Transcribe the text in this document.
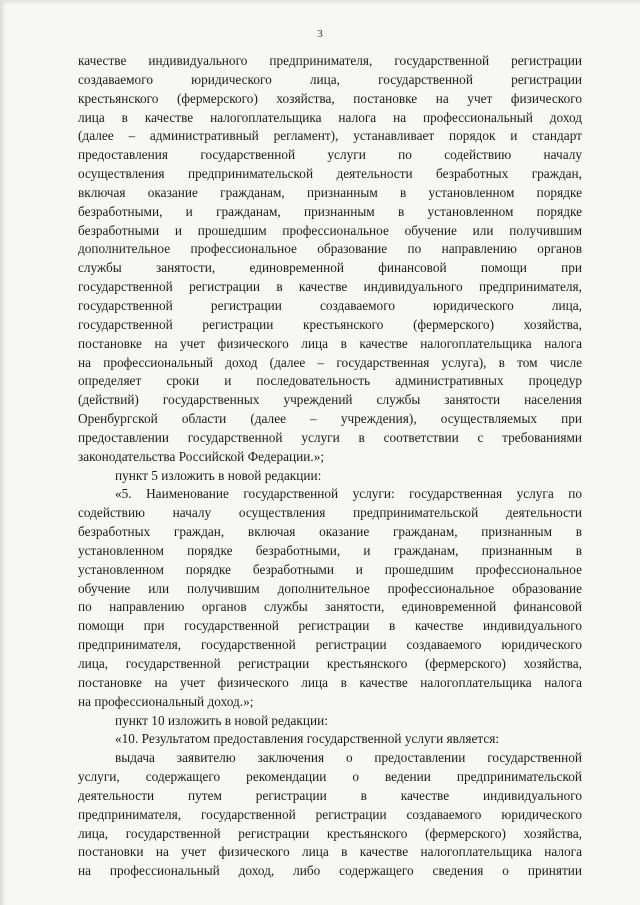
3
качестве индивидуального предпринимателя, государственной регистрации
создаваемого юридического лица, государственной регистрации
крестьянского (фермерского) хозяйства, постановке на учет физического
лица в качестве налогоплательщика налога на профессиональный доход
(далее – административный регламент), устанавливает порядок и стандарт
предоставления государственной услуги по содействию началу
осуществления предпринимательской деятельности безработных граждан,
включая оказание гражданам, признанным в установленном порядке
безработными, и гражданам, признанным в установленном порядке
безработными и прошедшим профессиональное обучение или получившим
дополнительное профессиональное образование по направлению органов
службы занятости, единовременной финансовой помощи при
государственной регистрации в качестве индивидуального предпринимателя,
государственной регистрации создаваемого юридического лица,
государственной регистрации крестьянского (фермерского) хозяйства,
постановке на учет физического лица в качестве налогоплательщика налога
на профессиональный доход (далее – государственная услуга), в том числе
определяет сроки и последовательность административных процедур
(действий) государственных учреждений службы занятости населения
Оренбургской области (далее – учреждения), осуществляемых при
предоставлении государственной услуги в соответствии с требованиями
законодательства Российской Федерации.»;
пункт 5 изложить в новой редакции:
«5. Наименование государственной услуги: государственная услуга по
содействию началу осуществления предпринимательской деятельности
безработных граждан, включая оказание гражданам, признанным в
установленном порядке безработными, и гражданам, признанным в
установленном порядке безработными и прошедшим профессиональное
обучение или получившим дополнительное профессиональное образование
по направлению органов службы занятости, единовременной финансовой
помощи при государственной регистрации в качестве индивидуального
предпринимателя, государственной регистрации создаваемого юридического
лица, государственной регистрации крестьянского (фермерского) хозяйства,
постановке на учет физического лица в качестве налогоплательщика налога
на профессиональный доход.»;
пункт 10 изложить в новой редакции:
«10. Результатом предоставления государственной услуги является:
выдача заявителю заключения о предоставлении государственной
услуги, содержащего рекомендации о ведении предпринимательской
деятельности путем регистрации в качестве индивидуального
предпринимателя, государственной регистрации создаваемого юридического
лица, государственной регистрации крестьянского (фермерского) хозяйства,
постановки на учет физического лица в качестве налогоплательщика налога
на профессиональный доход, либо содержащего сведения о принятии
